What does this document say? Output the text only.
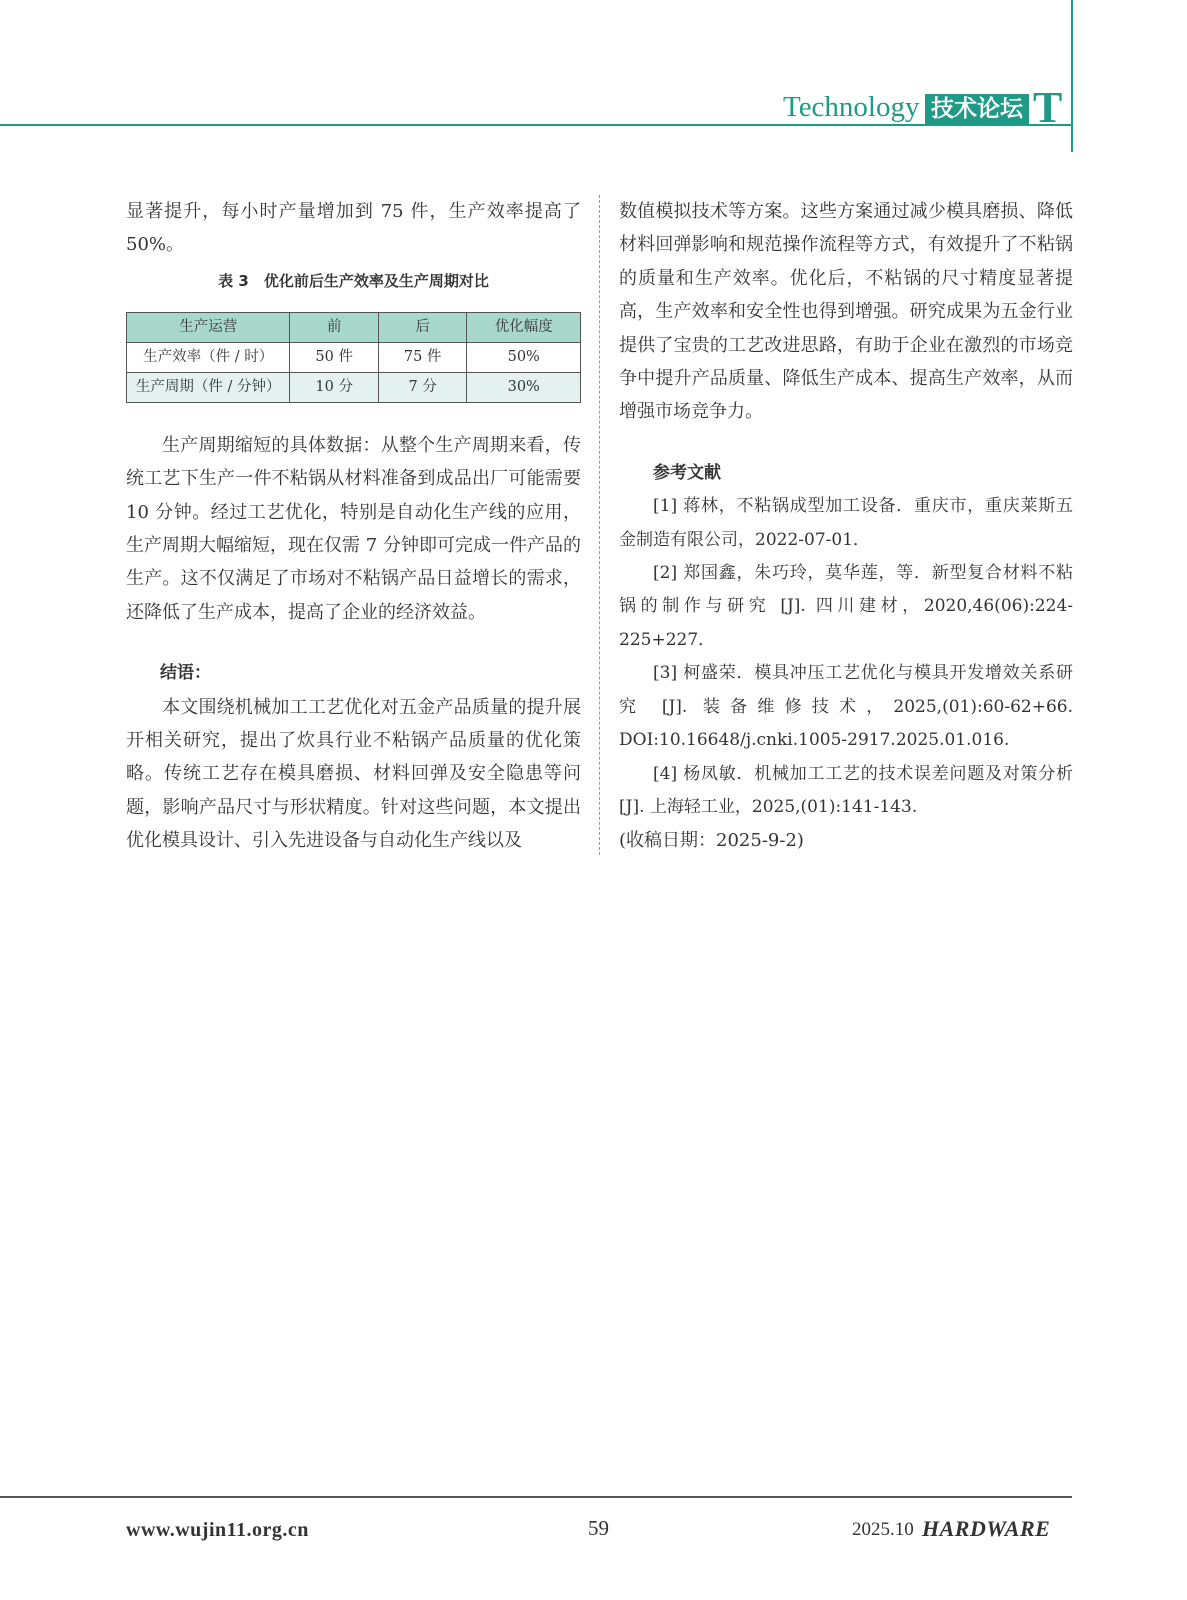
Technology 技术论坛 T

显著提升，每小时产量增加到 75 件，生产效率提高了50%。

表 3　优化前后生产效率及生产周期对比
生产运营	前	后	优化幅度
生产效率（件 / 时）	50 件	75 件	50%
生产周期（件 / 分钟）	10 分	7 分	30%

生产周期缩短的具体数据：从整个生产周期来看，传统工艺下生产一件不粘锅从材料准备到成品出厂可能需要 10 分钟。经过工艺优化，特别是自动化生产线的应用，生产周期大幅缩短，现在仅需 7 分钟即可完成一件产品的生产。这不仅满足了市场对不粘锅产品日益增长的需求，还降低了生产成本，提高了企业的经济效益。

结语：

本文围绕机械加工工艺优化对五金产品质量的提升展开相关研究，提出了炊具行业不粘锅产品质量的优化策略。传统工艺存在模具磨损、材料回弹及安全隐患等问题，影响产品尺寸与形状精度。针对这些问题，本文提出优化模具设计、引入先进设备与自动化生产线以及

数值模拟技术等方案。这些方案通过减少模具磨损、降低材料回弹影响和规范操作流程等方式，有效提升了不粘锅的质量和生产效率。优化后，不粘锅的尺寸精度显著提高，生产效率和安全性也得到增强。研究成果为五金行业提供了宝贵的工艺改进思路，有助于企业在激烈的市场竞争中提升产品质量、降低生产成本、提高生产效率，从而增强市场竞争力。

参考文献

[1] 蒋林，不粘锅成型加工设备．重庆市，重庆莱斯五金制造有限公司，2022-07-01．

[2] 郑国鑫，朱巧玲，莫华莲，等．新型复合材料不粘锅的制作与研究 [J]. 四川建材，2020,46(06):224-225+227．

[3] 柯盛荣．模具冲压工艺优化与模具开发增效关系研究 [J]. 装备维修技术，2025,(01):60-62+66. DOI:10.16648/j.cnki.1005-2917.2025.01.016.

[4] 杨凤敏．机械加工工艺的技术误差问题及对策分析 [J]. 上海轻工业，2025,(01):141-143.

(收稿日期：2025-9-2)

www.wujin11.org.cn	59	2025.10 HARDWARE
